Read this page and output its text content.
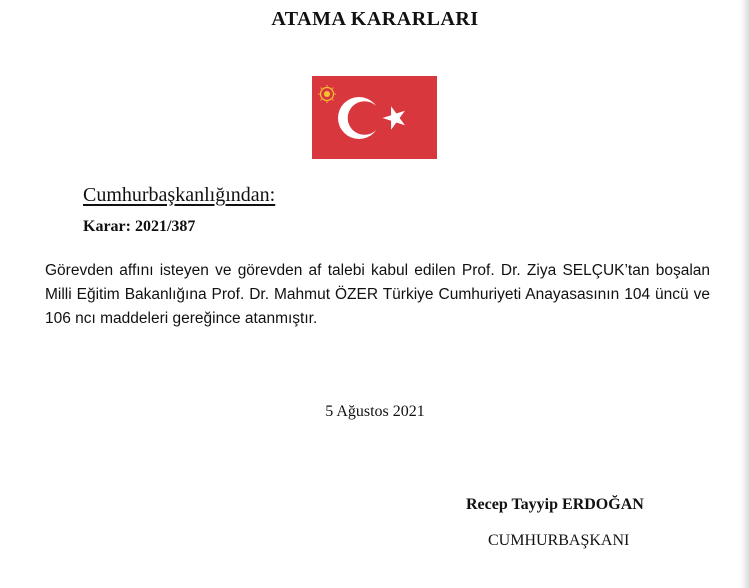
ATAMA KARARLARI
Cumhurbaşkanlığından:
Karar: 2021/387
Görevden affını isteyen ve görevden af talebi kabul edilen Prof. Dr. Ziya SELÇUK’tan boşalan Milli Eğitim Bakanlığına Prof. Dr. Mahmut ÖZER Türkiye Cumhuriyeti Anayasasının 104 üncü ve 106 ncı maddeleri gereğince atanmıştır.
5 Ağustos 2021
Recep Tayyip ERDOĞAN
CUMHURBAŞKANI
